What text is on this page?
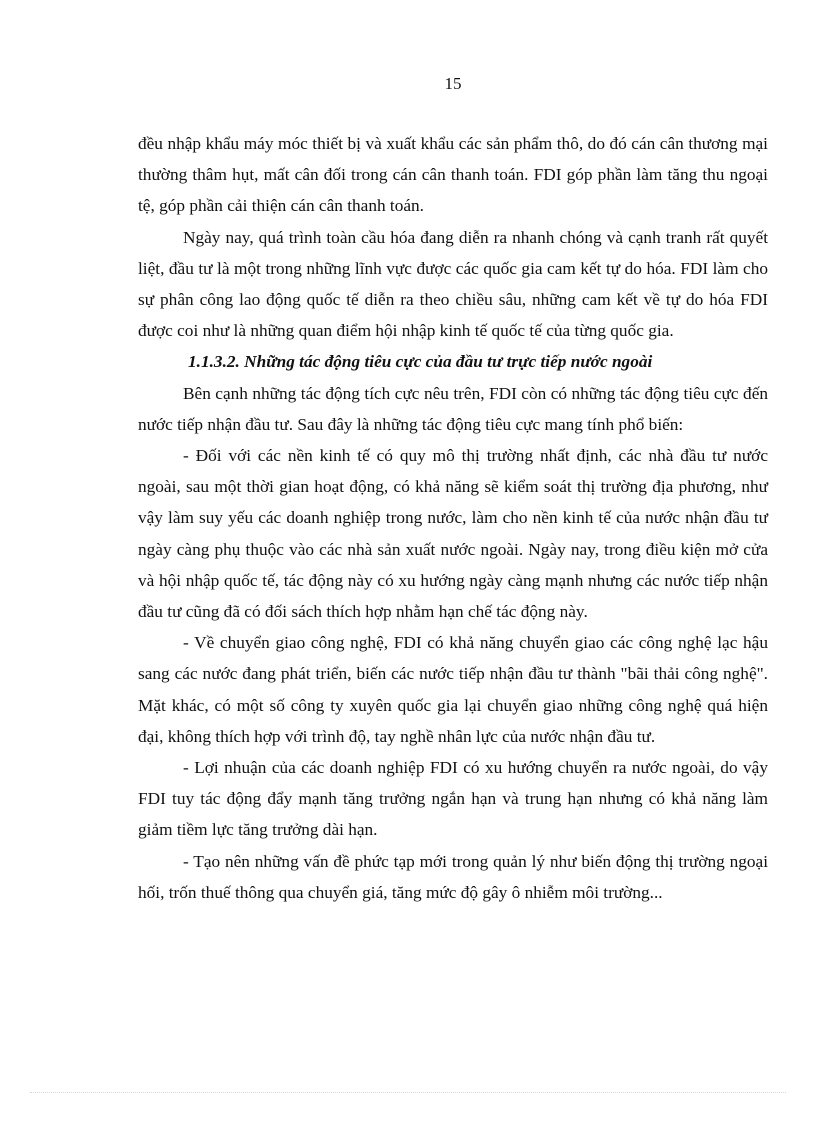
15

đều nhập khẩu máy móc thiết bị và xuất khẩu các sản phẩm thô, do đó cán cân thương mại thường thâm hụt, mất cân đối trong cán cân thanh toán. FDI góp phần làm tăng thu ngoại tệ, góp phần cải thiện cán cân thanh toán.

Ngày nay, quá trình toàn cầu hóa đang diễn ra nhanh chóng và cạnh tranh rất quyết liệt, đầu tư là một trong những lĩnh vực được các quốc gia cam kết tự do hóa. FDI làm cho sự phân công lao động quốc tế diễn ra theo chiều sâu, những cam kết về tự do hóa FDI được coi như là những quan điểm hội nhập kinh tế quốc tế của từng quốc gia.

1.1.3.2. Những tác động tiêu cực của đầu tư trực tiếp nước ngoài

Bên cạnh những tác động tích cực nêu trên, FDI còn có những tác động tiêu cực đến nước tiếp nhận đầu tư. Sau đây là những tác động tiêu cực mang tính phổ biến:

- Đối với các nền kinh tế có quy mô thị trường nhất định, các nhà đầu tư nước ngoài, sau một thời gian hoạt động, có khả năng sẽ kiểm soát thị trường địa phương, như vậy làm suy yếu các doanh nghiệp trong nước, làm cho nền kinh tế của nước nhận đầu tư ngày càng phụ thuộc vào các nhà sản xuất nước ngoài. Ngày nay, trong điều kiện mở cửa và hội nhập quốc tế, tác động này có xu hướng ngày càng mạnh nhưng các nước tiếp nhận đầu tư cũng đã có đối sách thích hợp nhằm hạn chế tác động này.

- Về chuyển giao công nghệ, FDI có khả năng chuyển giao các công nghệ lạc hậu sang các nước đang phát triển, biến các nước tiếp nhận đầu tư thành "bãi thải công nghệ". Mặt khác, có một số công ty xuyên quốc gia lại chuyển giao những công nghệ quá hiện đại, không thích hợp với trình độ, tay nghề nhân lực của nước nhận đầu tư.

- Lợi nhuận của các doanh nghiệp FDI có xu hướng chuyển ra nước ngoài, do vậy FDI tuy tác động đẩy mạnh tăng trưởng ngắn hạn và trung hạn nhưng có khả năng làm giảm tiềm lực tăng trưởng dài hạn.

- Tạo nên những vấn đề phức tạp mới trong quản lý như biến động thị trường ngoại hối, trốn thuế thông qua chuyển giá, tăng mức độ gây ô nhiễm môi trường...
